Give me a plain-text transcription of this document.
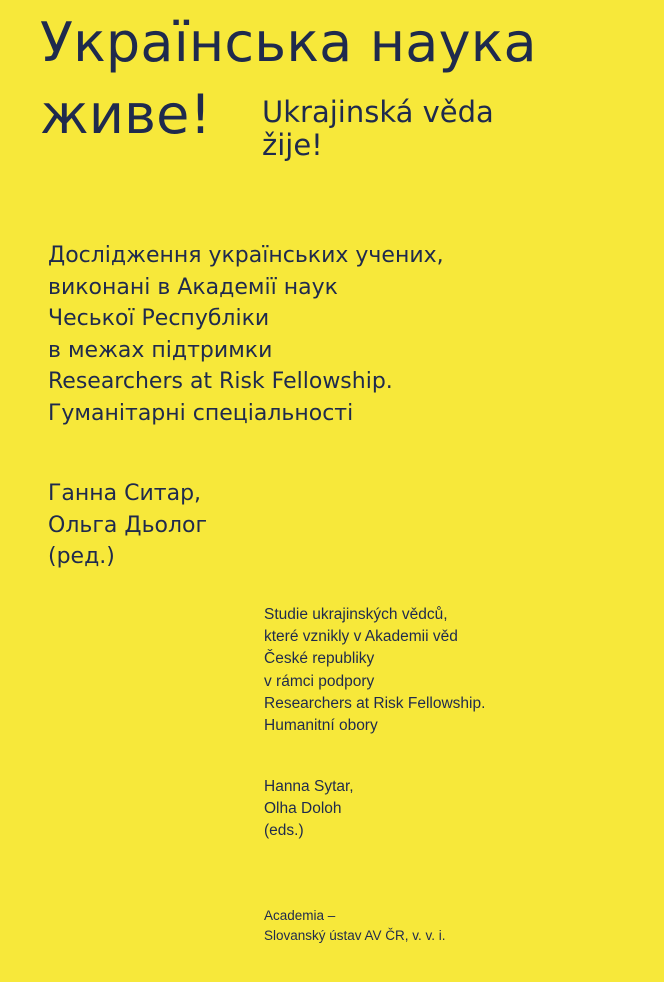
Українська наука
живе! Ukrajinská věda
žije!
Дослідження українських учених,
виконані в Академії наук
Чеської Республіки
в межах підтримки
Researchers at Risk Fellowship.
Гуманітарні спеціальності
Ганна Ситар,
Ольга Дьолог
(ред.)
Studie ukrajinských vědců,
které vznikly v Akademii věd
České republiky
v rámci podpory
Researchers at Risk Fellowship.
Humanitní obory
Hanna Sytar,
Olha Doloh
(eds.)
Academia –
Slovanský ústav AV ČR, v. v. i.
